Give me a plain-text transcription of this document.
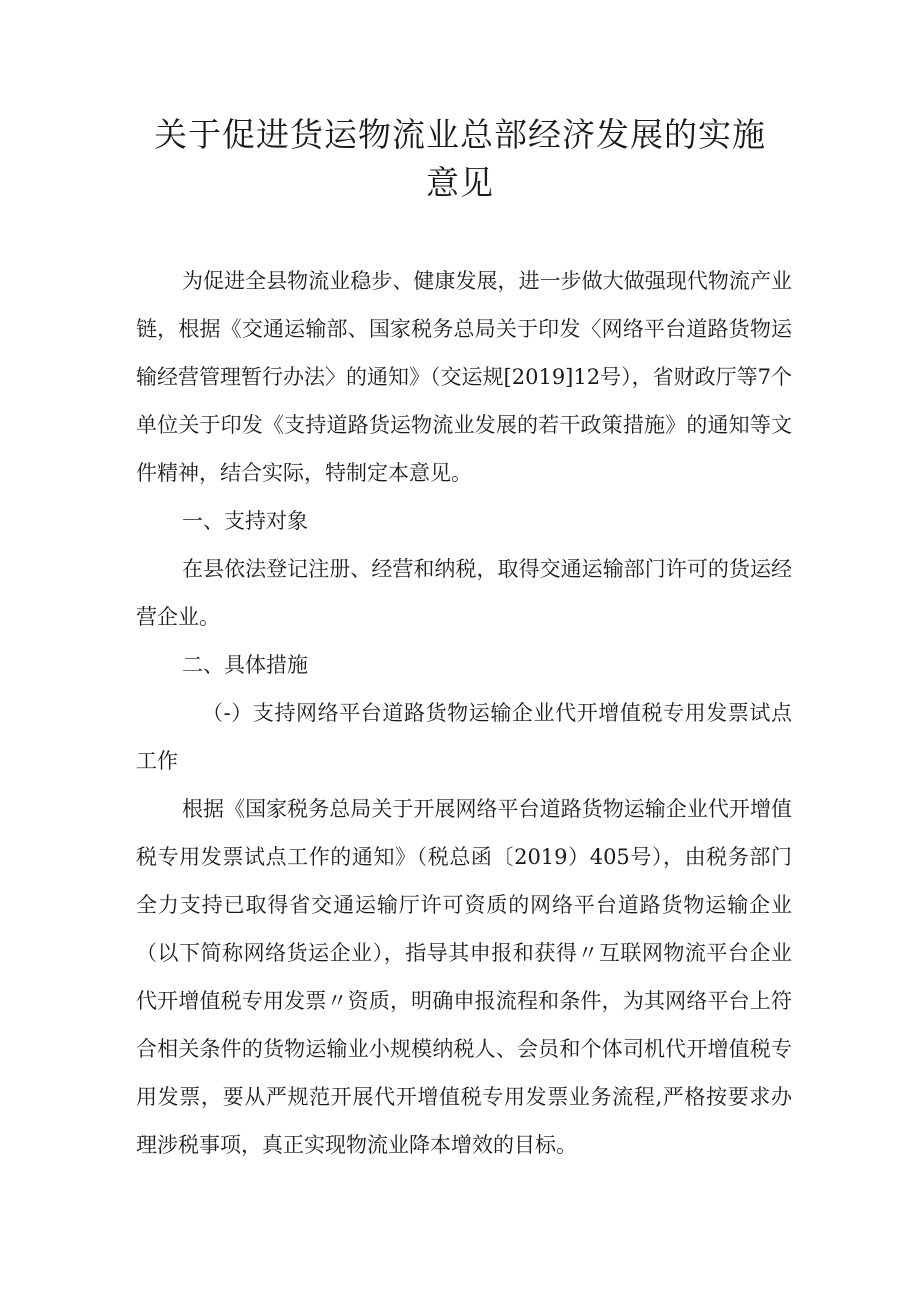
关于促进货运物流业总部经济发展的实施
意见

为促进全县物流业稳步、健康发展，进一步做大做强现代物流产业链，根据《交通运输部、国家税务总局关于印发〈网络平台道路货物运输经营管理暂行办法〉的通知》（交运规[2019]12号），省财政厅等7个单位关于印发《支持道路货运物流业发展的若干政策措施》的通知等文件精神，结合实际，特制定本意见。

一、支持对象

在县依法登记注册、经营和纳税，取得交通运输部门许可的货运经营企业。

二、具体措施

（-）支持网络平台道路货物运输企业代开增值税专用发票试点工作

根据《国家税务总局关于开展网络平台道路货物运输企业代开增值税专用发票试点工作的通知》（税总函〔2019）405号），由税务部门全力支持已取得省交通运输厅许可资质的网络平台道路货物运输企业（以下简称网络货运企业），指导其申报和获得〃互联网物流平台企业代开增值税专用发票〃资质，明确申报流程和条件，为其网络平台上符合相关条件的货物运输业小规模纳税人、会员和个体司机代开增值税专用发票，要从严规范开展代开增值税专用发票业务流程,严格按要求办理涉税事项，真正实现物流业降本增效的目标。
